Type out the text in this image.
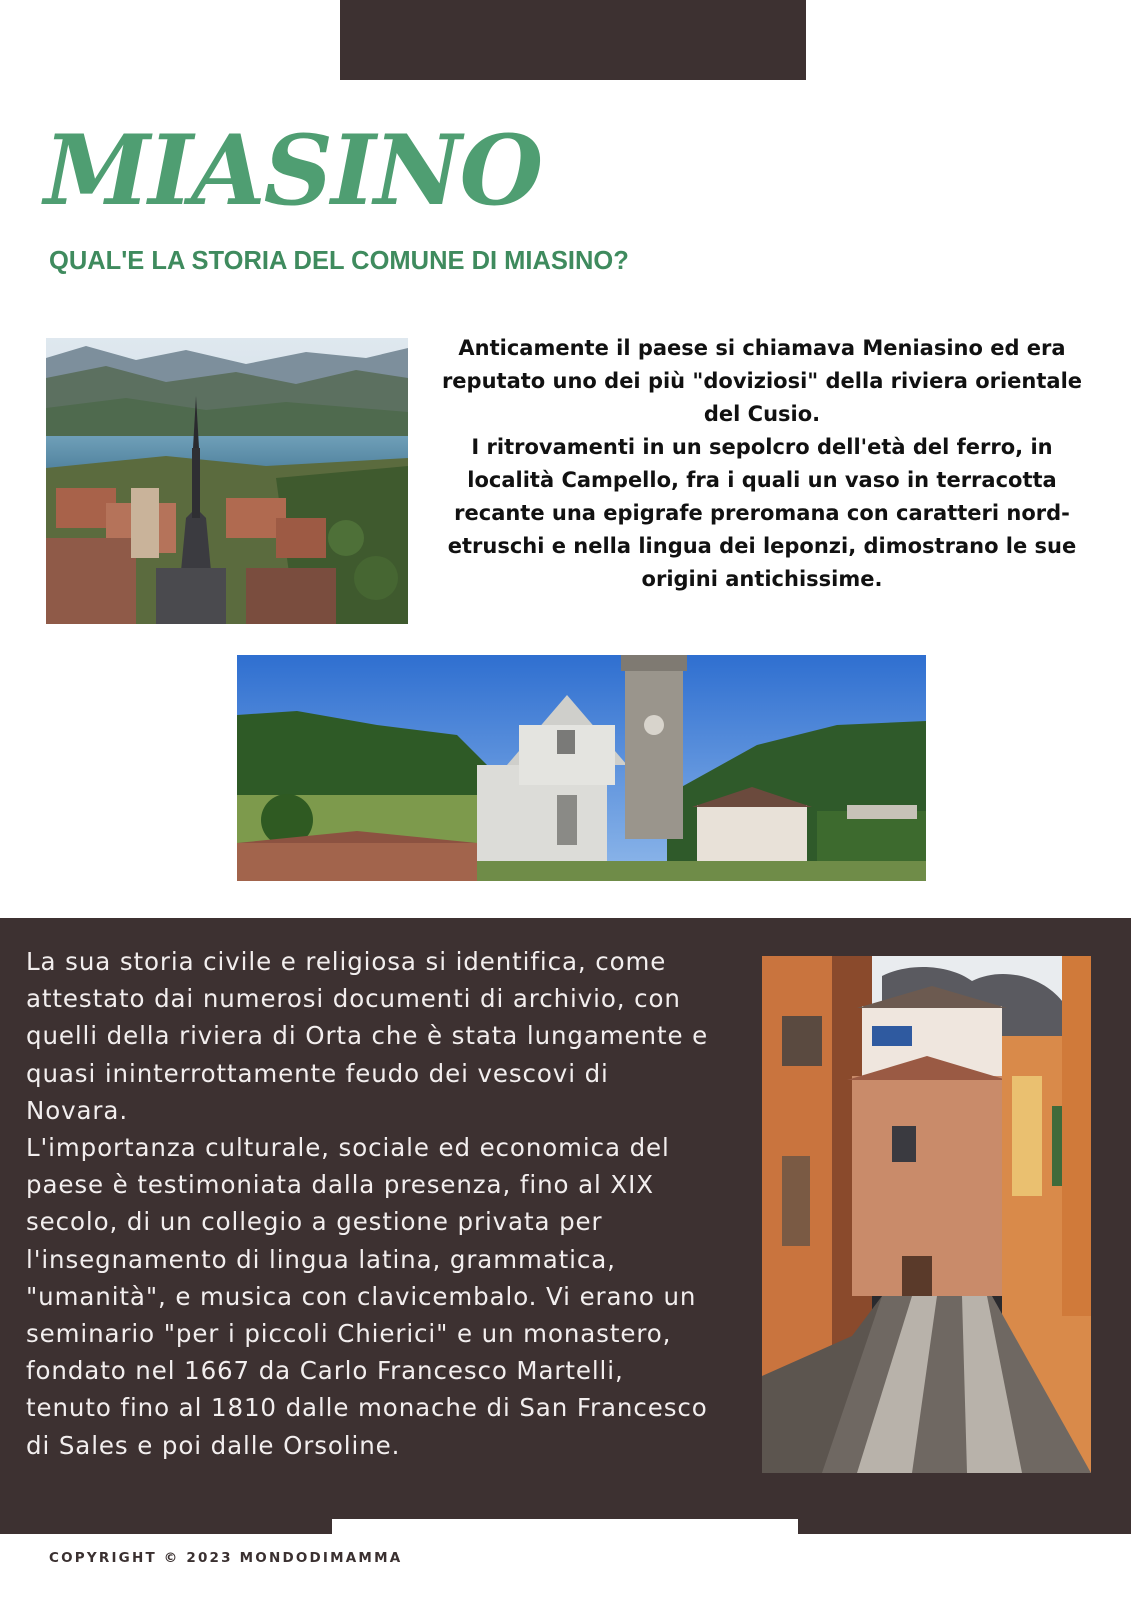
MIASINO
QUAL'E LA STORIA DEL COMUNE DI MIASINO?

Anticamente il paese si chiamava Meniasino ed era reputato uno dei più "doviziosi" della riviera orientale del Cusio.

I ritrovamenti in un sepolcro dell'età del ferro, in località Campello, fra i quali un vaso in terracotta recante una epigrafe preromana con caratteri nord-etruschi e nella lingua dei leponzi, dimostrano le sue origini antichissime.

La sua storia civile e religiosa si identifica, come attestato dai numerosi documenti di archivio, con quelli della riviera di Orta che è stata lungamente e quasi ininterrottamente feudo dei vescovi di Novara.

L'importanza culturale, sociale ed economica del paese è testimoniata dalla presenza, fino al XIX secolo, di un collegio a gestione privata per l'insegnamento di lingua latina, grammatica, "umanità", e musica con clavicembalo. Vi erano un seminario "per i piccoli Chierici" e un monastero, fondato nel 1667 da Carlo Francesco Martelli, tenuto fino al 1810 dalle monache di San Francesco di Sales e poi dalle Orsoline.

COPYRIGHT © 2023 MONDODIMAMMA
